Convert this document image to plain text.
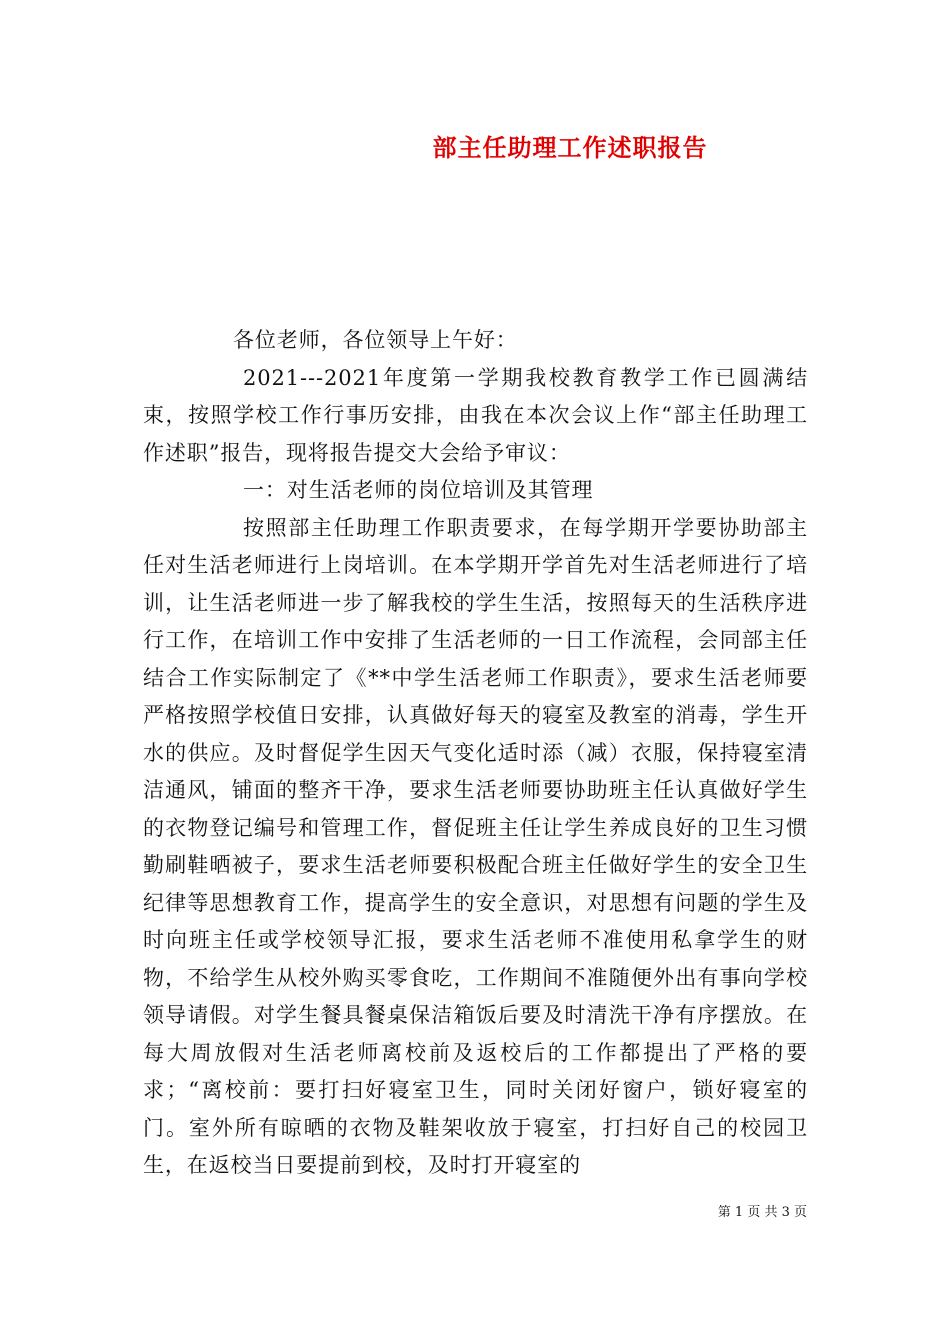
部主任助理工作述职报告

各位老师，各位领导上午好：

2021---2021年度第一学期我校教育教学工作已圆满结束，按照学校工作行事历安排，由我在本次会议上作“部主任助理工作述职”报告，现将报告提交大会给予审议：

一：对生活老师的岗位培训及其管理

按照部主任助理工作职责要求，在每学期开学要协助部主任对生活老师进行上岗培训。在本学期开学首先对生活老师进行了培训，让生活老师进一步了解我校的学生生活，按照每天的生活秩序进行工作，在培训工作中安排了生活老师的一日工作流程，会同部主任结合工作实际制定了《**中学生活老师工作职责》，要求生活老师要严格按照学校值日安排，认真做好每天的寝室及教室的消毒，学生开水的供应。及时督促学生因天气变化适时添（减）衣服，保持寝室清洁通风，铺面的整齐干净，要求生活老师要协助班主任认真做好学生的衣物登记编号和管理工作，督促班主任让学生养成良好的卫生习惯勤刷鞋晒被子，要求生活老师要积极配合班主任做好学生的安全卫生纪律等思想教育工作，提高学生的安全意识，对思想有问题的学生及时向班主任或学校领导汇报，要求生活老师不准使用私拿学生的财物，不给学生从校外购买零食吃，工作期间不准随便外出有事向学校领导请假。对学生餐具餐桌保洁箱饭后要及时清洗干净有序摆放。在每大周放假对生活老师离校前及返校后的工作都提出了严格的要求；“离校前：要打扫好寝室卫生，同时关闭好窗户，锁好寝室的门。室外所有晾晒的衣物及鞋架收放于寝室，打扫好自己的校园卫生，在返校当日要提前到校，及时打开寝室的

第 1 页 共 3 页
